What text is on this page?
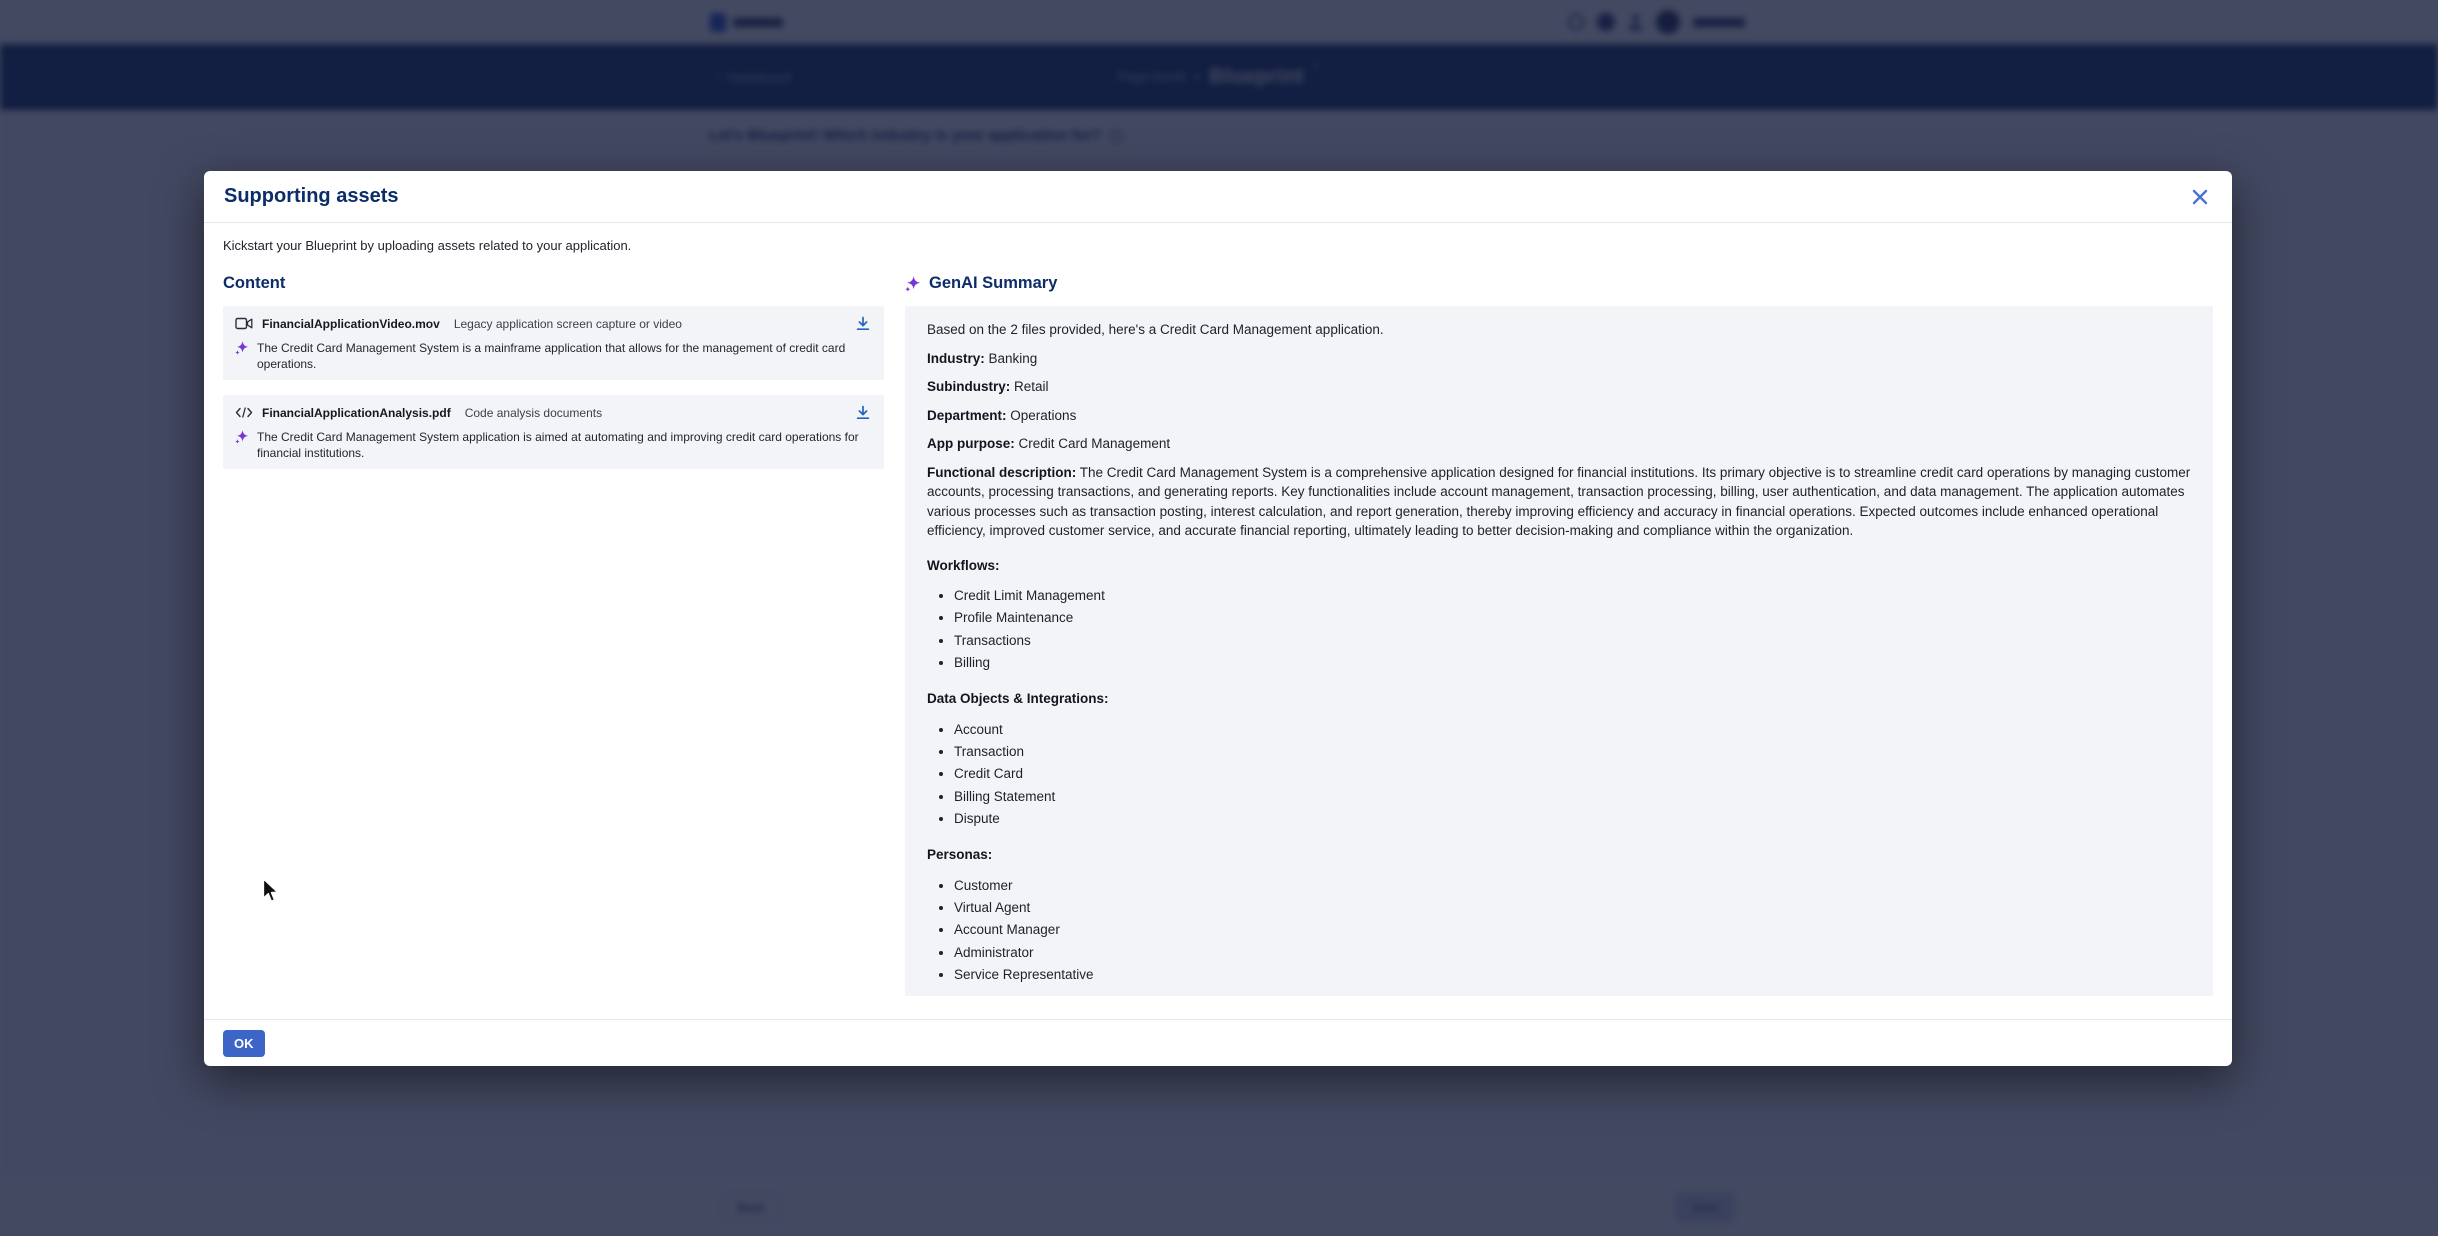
Supporting assets

Kickstart your Blueprint by uploading assets related to your application.

Content
FinancialApplicationVideo.mov Legacy application screen capture or video
The Credit Card Management System is a mainframe application that allows for the management of credit card operations.
FinancialApplicationAnalysis.pdf Code analysis documents
The Credit Card Management System application is aimed at automating and improving credit card operations for financial institutions.
GenAI Summary

Based on the 2 files provided, here's a Credit Card Management application.

Industry: Banking

Subindustry: Retail

Department: Operations

App purpose: Credit Card Management

Functional description: The Credit Card Management System is a comprehensive application designed for financial institutions. Its primary objective is to streamline credit card operations by managing customer accounts, processing transactions, and generating reports. Key functionalities include account management, transaction processing, billing, user authentication, and data management. The application automates various processes such as transaction posting, interest calculation, and report generation, thereby improving efficiency and accuracy in financial operations. Expected outcomes include enhanced operational efficiency, improved customer service, and accurate financial reporting, ultimately leading to better decision-making and compliance within the organization.

Workflows:

• Credit Limit Management
• Profile Maintenance
• Transactions
• Billing

Data Objects & Integrations:

• Account
• Transaction
• Credit Card
• Billing Statement
• Dispute

Personas:

• Customer
• Virtual Agent
• Account Manager
• Administrator
• Service Representative
OK
